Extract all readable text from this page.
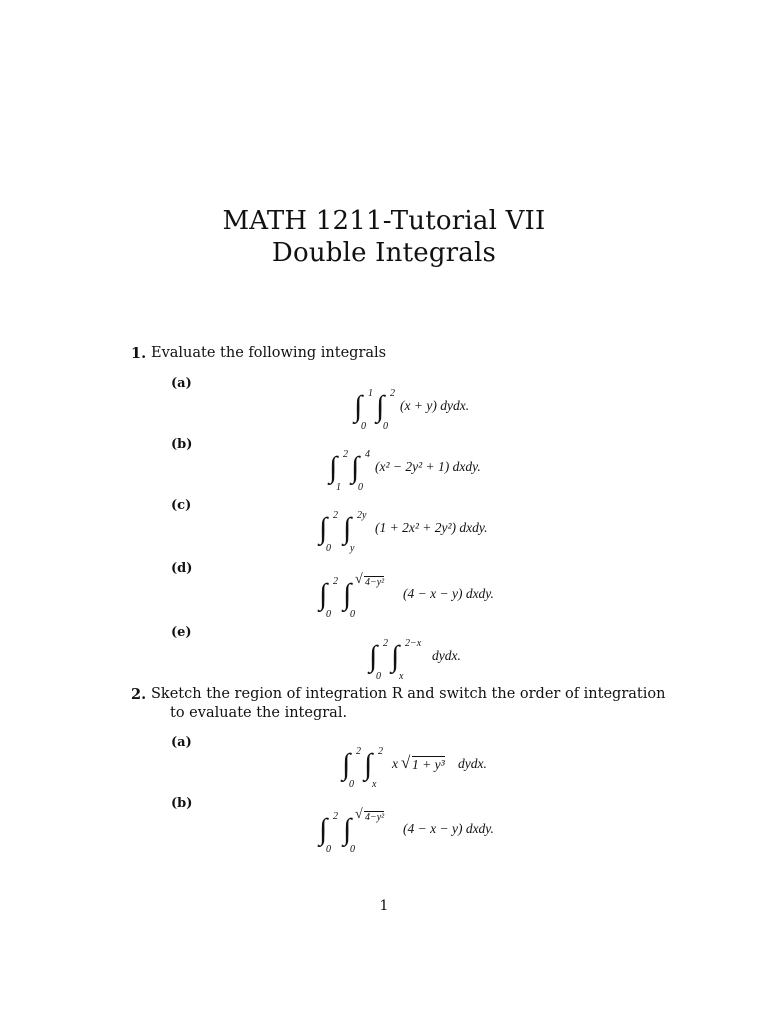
MATH 1211-Tutorial VII
Double Integrals
1. Evaluate the following integrals
(a)
∫ 1
0
∫ 2
0
(x + y) dydx.
(b)
∫ 2
1
∫ 4
0
(x² − 2y² + 1) dxdy.
(c)
∫ 2
0
∫ 2y
y
(1 + 2x² + 2y²) dxdy.
(d)
∫ 2
0
∫ √ 4−y²
0
(4 − x − y) dxdy.
(e)
∫ 2
0
∫ 2−x
x
dydx.
2. Sketch the region of integration R and switch the order of integration
to evaluate the integral.
(a)
∫ 2
0
∫ 2
x
x √ 1 + y³ dydx.
(b)
∫ 2
0
∫ √ 4−y²
0
(4 − x − y) dxdy.
1
